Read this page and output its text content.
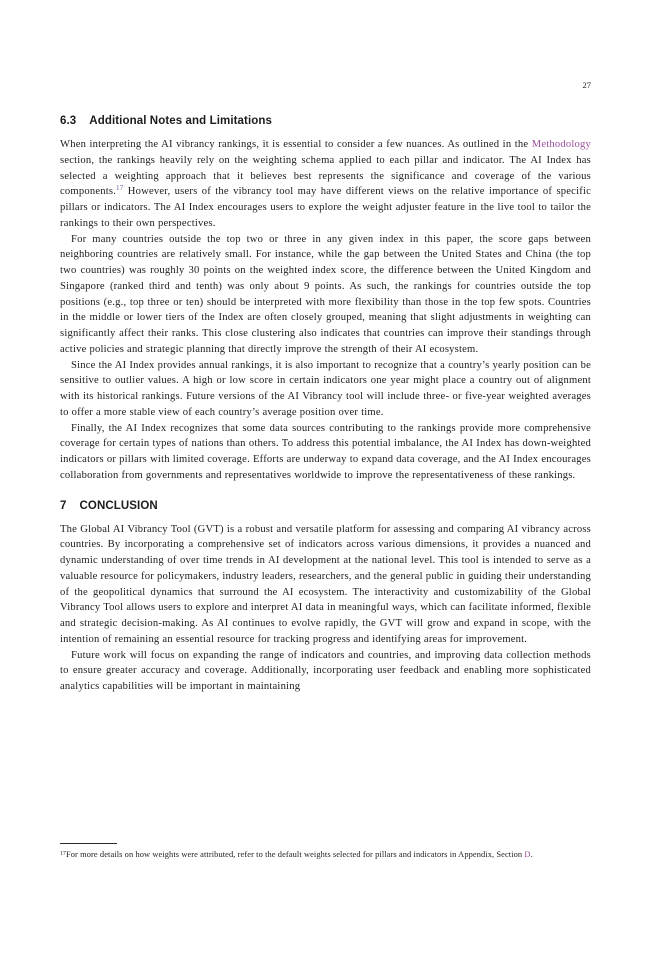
27
6.3 Additional Notes and Limitations

When interpreting the AI vibrancy rankings, it is essential to consider a few nuances. As outlined in the Methodology section, the rankings heavily rely on the weighting schema applied to each pillar and indicator. The AI Index has selected a weighting approach that it believes best represents the significance and coverage of the various components.$^{17}$ However, users of the vibrancy tool may have different views on the relative importance of specific pillars or indicators. The AI Index encourages users to explore the weight adjuster feature in the live tool to tailor the rankings to their own perspectives.

For many countries outside the top two or three in any given index in this paper, the score gaps between neighboring countries are relatively small. For instance, while the gap between the United States and China (the top two countries) was roughly 30 points on the weighted index score, the difference between the United Kingdom and Singapore (ranked third and tenth) was only about 9 points. As such, the rankings for countries outside the top positions (e.g., top three or ten) should be interpreted with more flexibility than those in the top few spots. Countries in the middle or lower tiers of the Index are often closely grouped, meaning that slight adjustments in weighting can significantly affect their ranks. This close clustering also indicates that countries can improve their standings through active policies and strategic planning that directly improve the strength of their AI ecosystem.

Since the AI Index provides annual rankings, it is also important to recognize that a country’s yearly position can be sensitive to outlier values. A high or low score in certain indicators one year might place a country out of alignment with its historical rankings. Future versions of the AI Vibrancy tool will include three- or five-year weighted averages to offer a more stable view of each country’s average position over time.

Finally, the AI Index recognizes that some data sources contributing to the rankings provide more comprehensive coverage for certain types of nations than others. To address this potential imbalance, the AI Index has down-weighted indicators or pillars with limited coverage. Efforts are underway to expand data coverage, and the AI Index encourages collaboration from governments and representatives worldwide to improve the representativeness of these rankings.

7 CONCLUSION

The Global AI Vibrancy Tool (GVT) is a robust and versatile platform for assessing and comparing AI vibrancy across countries. By incorporating a comprehensive set of indicators across various dimensions, it provides a nuanced and dynamic understanding of over time trends in AI development at the national level. This tool is intended to serve as a valuable resource for policymakers, industry leaders, researchers, and the general public in guiding their understanding of the geopolitical dynamics that surround the AI ecosystem. The interactivity and customizability of the Global Vibrancy Tool allows users to explore and interpret AI data in meaningful ways, which can facilitate informed, flexible and strategic decision-making. As AI continues to evolve rapidly, the GVT will grow and expand in scope, with the intention of remaining an essential resource for tracking progress and identifying areas for improvement.

Future work will focus on expanding the range of indicators and countries, and improving data collection methods to ensure greater accuracy and coverage. Additionally, incorporating user feedback and enabling more sophisticated analytics capabilities will be important in maintaining

$^{17}$For more details on how weights were attributed, refer to the default weights selected for pillars and indicators in Appendix, Section D.
